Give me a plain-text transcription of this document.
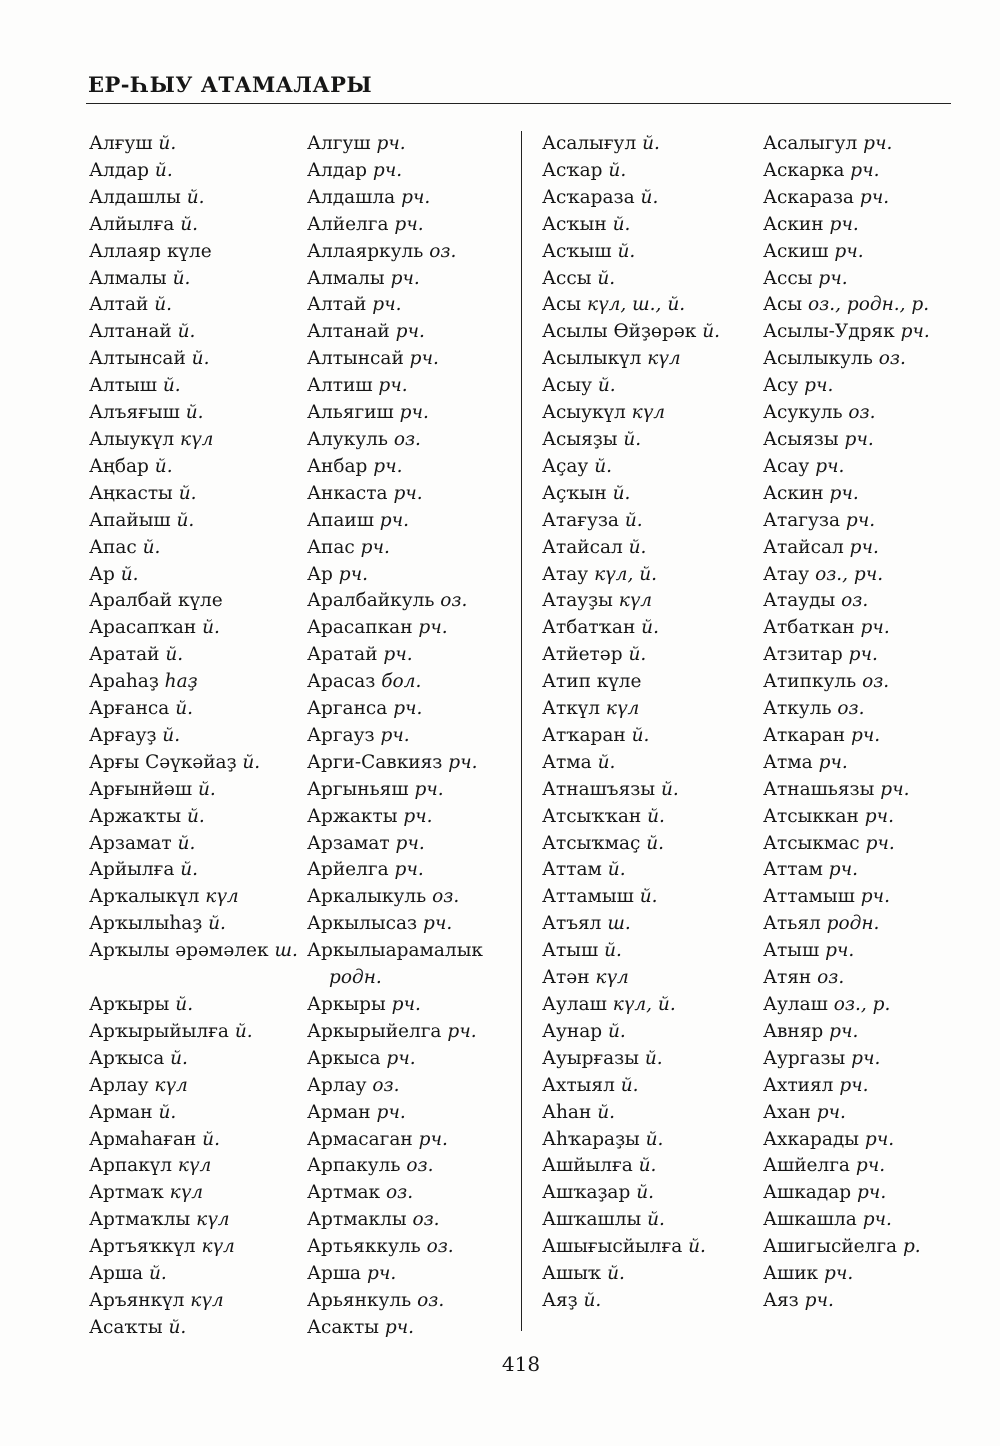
ЕР-ҺЫУ АТАМАЛАРЫ
Алғуш й.
Алдар й.
Алдашлы й.
Алйылға й.
Аллаяр күле
Алмалы й.
Алтай й.
Алтанай й.
Алтынсай й.
Алтыш й.
Алъяғыш й.
Алыукүл күл
Аңбар й.
Аңкасты й.
Апайыш й.
Апас й.
Ар й.
Аралбай күле
Арасапҡан й.
Аратай й.
Араһаҙ һаҙ
Арғанса й.
Арғауҙ й.
Арғы Сәүкәйаҙ й.
Арғынйәш й.
Аржаҡты й.
Арзамат й.
Арйылға й.
Арҡалыкүл күл
Арҡылыһаҙ й.
Арҡылы әрәмәлек ш.

Арҡыры й.
Арҡырыйылға й.
Арҡыса й.
Арлау күл
Арман й.
Армаһаған й.
Арпакүл күл
Артмаҡ күл
Артмаҡлы күл
Артъяҡкүл күл
Арша й.
Аръянкүл күл
Асаҡты й.
Алгуш рч.
Алдар рч.
Алдашла рч.
Алйелга рч.
Аллаяркуль оз.
Алмалы рч.
Алтай рч.
Алтанай рч.
Алтынсай рч.
Алтиш рч.
Альягиш рч.
Алукуль оз.
Анбар рч.
Анкаста рч.
Апаиш рч.
Апас рч.
Ар рч.
Аралбайкуль оз.
Арасапкан рч.
Аратай рч.
Арасаз бол.
Арганса рч.
Аргауз рч.
Арги-Савкияз рч.
Аргыньяш рч.
Аржакты рч.
Арзамат рч.
Арйелга рч.
Аркалыкуль оз.
Аркылысаз рч.
Аркылыарамалык
родн.
Аркыры рч.
Аркырыйелга рч.
Аркыса рч.
Арлау оз.
Арман рч.
Армасаган рч.
Арпакуль оз.
Артмак оз.
Артмаклы оз.
Артьяккуль оз.
Арша рч.
Арьянкуль оз.
Асакты рч.
Асалығул й.
Асҡар й.
Асҡараза й.
Асҡын й.
Асҡыш й.
Ассы й.
Асы күл, ш., й.
Асылы Өйҙөрәк й.
Асылыкүл күл
Асыу й.
Асыукүл күл
Асыяҙы й.
Аҫау й.
Аҫҡын й.
Атағуза й.
Атайсал й.
Атау күл, й.
Атауҙы күл
Атбатҡан й.
Атйетәр й.
Атип күле
Аткүл күл
Атҡаран й.
Атма й.
Атнашъязы й.
Атсыҡҡан й.
Атсыҡмаҫ й.
Аттам й.
Аттамыш й.
Атъял ш.
Атыш й.
Атән күл
Аулаш күл, й.
Аунар й.
Ауырғазы й.
Ахтыял й.
Аһан й.
Аһҡараҙы й.
Ашйылға й.
Ашҡаҙар й.
Ашҡашлы й.
Ашығысйылға й.
Ашыҡ й.
Аяҙ й.
Асалыгул рч.
Аскарка рч.
Аскараза рч.
Аскин рч.
Аскиш рч.
Ассы рч.
Асы оз., родн., р.
Асылы-Удряк рч.
Асылыкуль оз.
Асу рч.
Асукуль оз.
Асыязы рч.
Асау рч.
Аскин рч.
Атагуза рч.
Атайсал рч.
Атау оз., рч.
Атауды оз.
Атбаткан рч.
Атзитар рч.
Атипкуль оз.
Аткуль оз.
Аткаран рч.
Атма рч.
Атнашьязы рч.
Атсыккан рч.
Атсыкмас рч.
Аттам рч.
Аттамыш рч.
Атьял родн.
Атыш рч.
Атян оз.
Аулаш оз., р.
Авняр рч.
Аургазы рч.
Ахтиял рч.
Ахан рч.
Ахкарады рч.
Ашйелга рч.
Ашкадар рч.
Ашкашла рч.
Ашигысйелга р.
Ашик рч.
Аяз рч.
418
